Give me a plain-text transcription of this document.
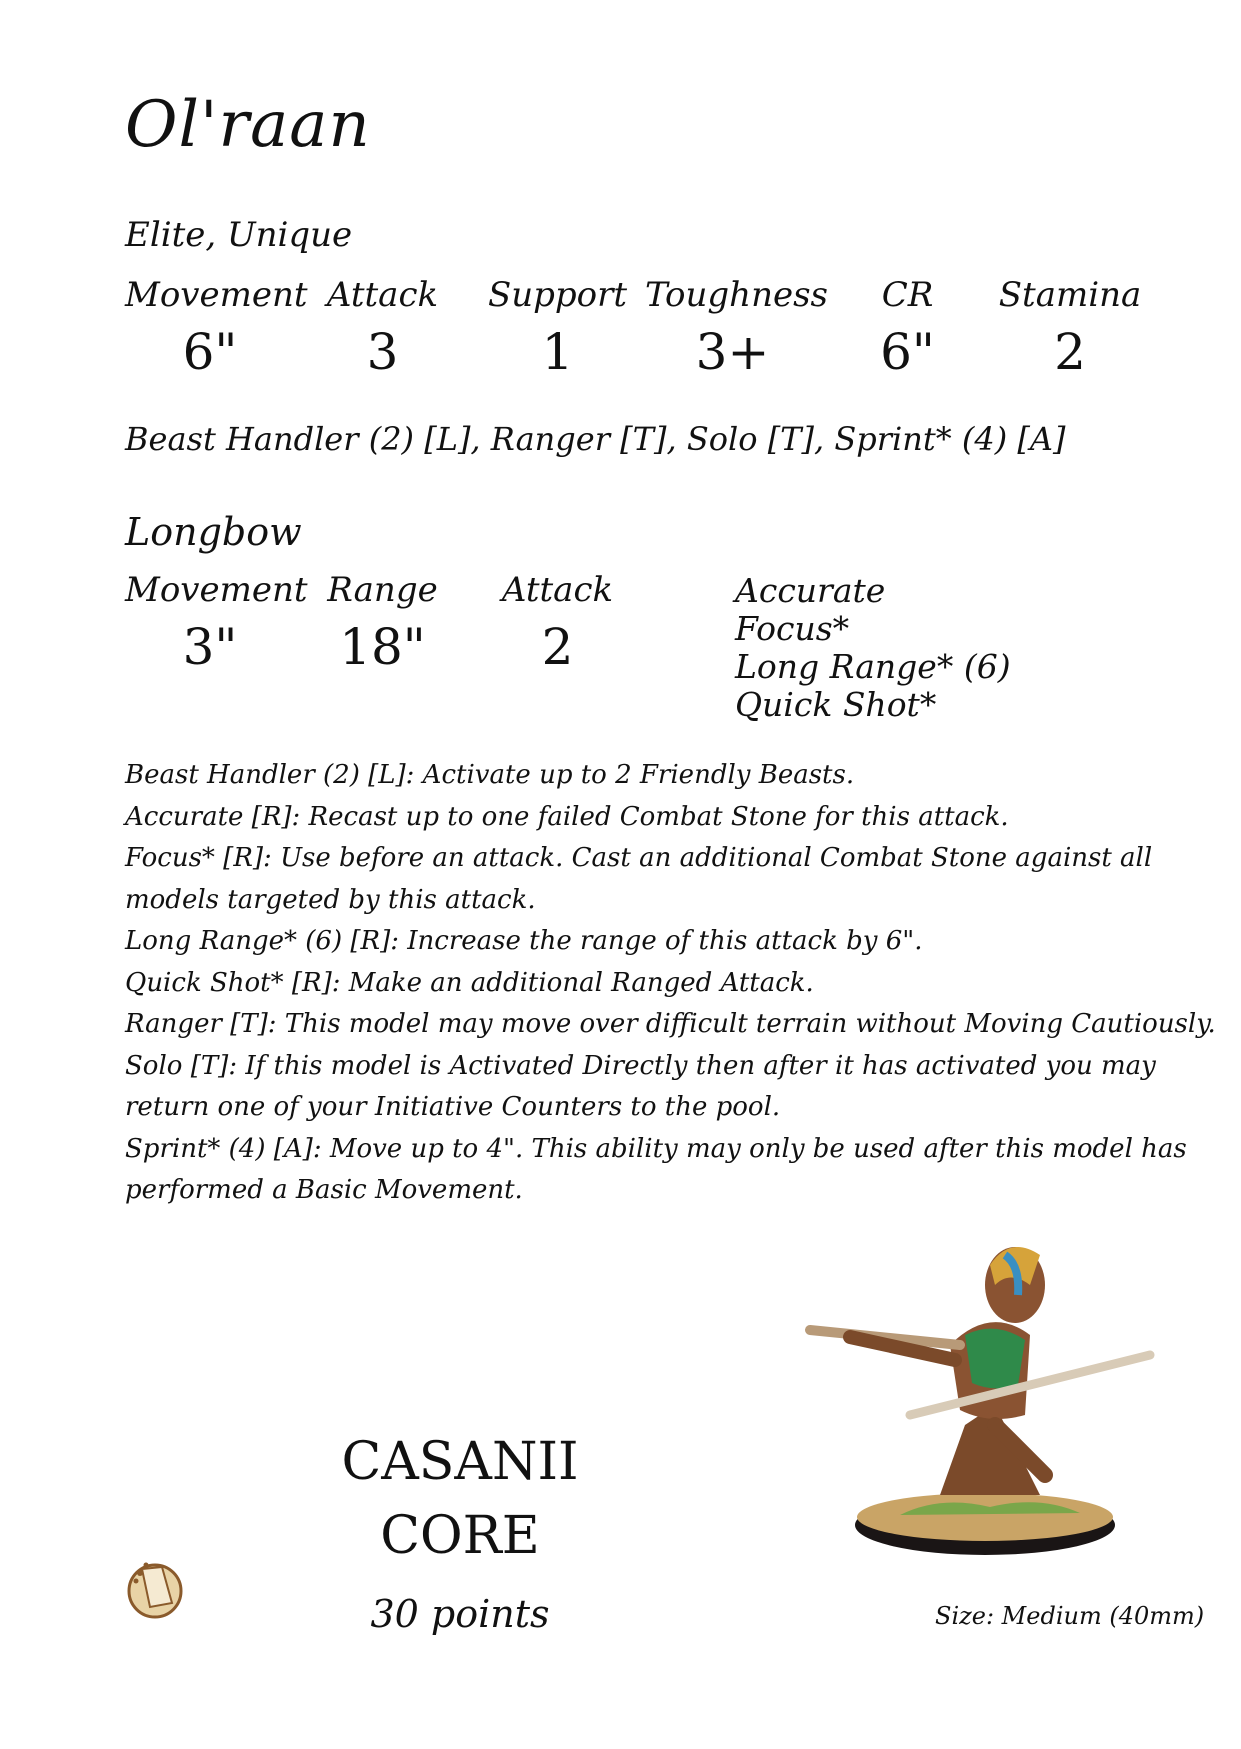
Ol'raan
Elite, Unique
Movement
6"
Attack
3
Support
1
Toughness
3+
CR
6"
Stamina
2
Beast Handler (2) [L], Ranger [T], Solo [T], Sprint* (4) [A]
Longbow
Movement
3"
Range
18"
Attack
2
Accurate
Focus*
Long Range* (6)
Quick Shot*
Beast Handler (2) [L]: Activate up to 2 Friendly Beasts.
Accurate [R]: Recast up to one failed Combat Stone for this attack.
Focus* [R]: Use before an attack. Cast an additional Combat Stone against all
models targeted by this attack.
Long Range* (6) [R]: Increase the range of this attack by 6".
Quick Shot* [R]: Make an additional Ranged Attack.
Ranger [T]: This model may move over difficult terrain without Moving Cautiously.
Solo [T]: If this model is Activated Directly then after it has activated you may
return one of your Initiative Counters to the pool.
Sprint* (4) [A]: Move up to 4". This ability may only be used after this model has
performed a Basic Movement.
CASANII
CORE
30 points	Size: Medium (40mm)
